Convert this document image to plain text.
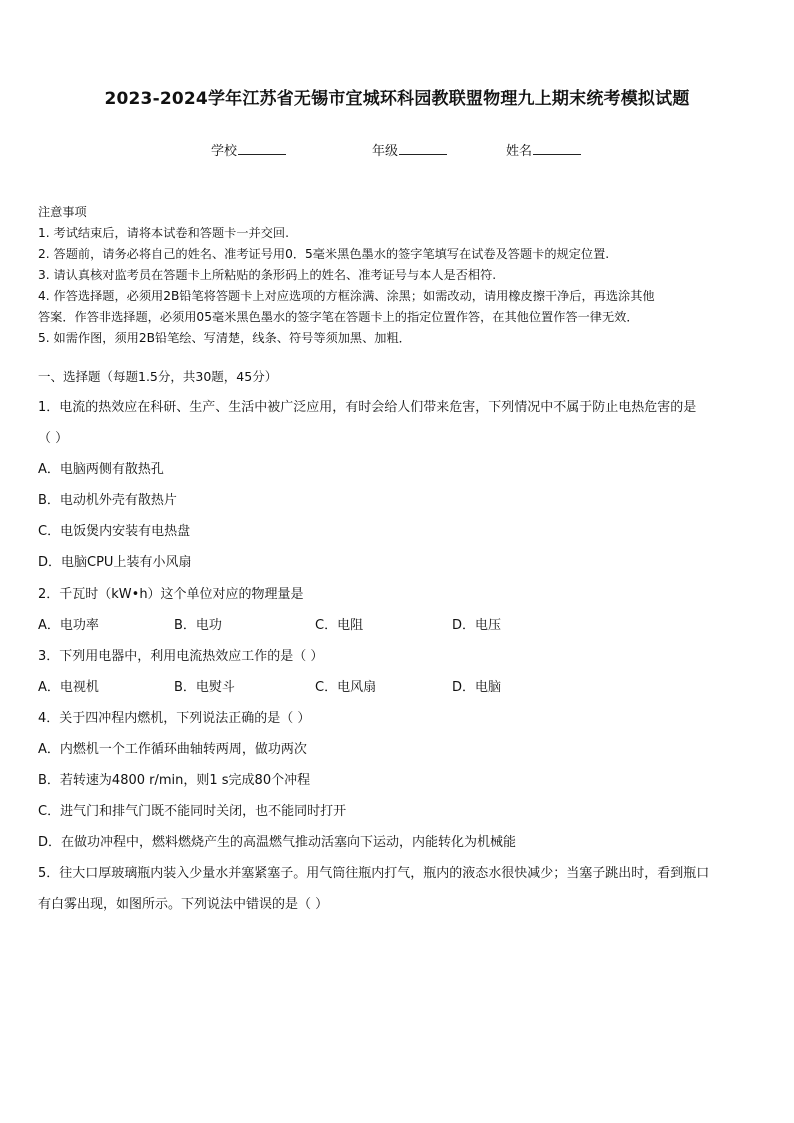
2023-2024学年江苏省无锡市宜城环科园教联盟物理九上期末统考模拟试题
学校	年级	姓名
注意事项
1. 考试结束后，请将本试卷和答题卡一并交回.
2. 答题前，请务必将自己的姓名、准考证号用0．5毫米黑色墨水的签字笔填写在试卷及答题卡的规定位置.
3. 请认真核对监考员在答题卡上所粘贴的条形码上的姓名、准考证号与本人是否相符.
4. 作答选择题，必须用2B铅笔将答题卡上对应选项的方框涂满、涂黑；如需改动，请用橡皮擦干净后，再选涂其他
答案．作答非选择题，必须用05毫米黑色墨水的签字笔在答题卡上的指定位置作答，在其他位置作答一律无效．
5. 如需作图，须用2B铅笔绘、写清楚，线条、符号等须加黑、加粗．
一、选择题（每题1.5分，共30题，45分）
1．电流的热效应在科研、生产、生活中被广泛应用，有时会给人们带来危害，下列情况中不属于防止电热危害的是
（ ）
A．电脑两侧有散热孔
B．电动机外壳有散热片
C．电饭煲内安装有电热盘
D．电脑CPU上装有小风扇
2．千瓦时（kW•h）这个单位对应的物理量是
A．电功率	B．电功	C．电阻	D．电压
3．下列用电器中，利用电流热效应工作的是（ ）
A．电视机	B．电熨斗	C．电风扇	D．电脑
4．关于四冲程内燃机，下列说法正确的是（ ）
A．内燃机一个工作循环曲轴转两周，做功两次
B．若转速为4800 r/min，则1 s完成80个冲程
C．进气门和排气门既不能同时关闭，也不能同时打开
D．在做功冲程中，燃料燃烧产生的高温燃气推动活塞向下运动，内能转化为机械能
5．往大口厚玻璃瓶内装入少量水并塞紧塞子。用气筒往瓶内打气，瓶内的液态水很快减少；当塞子跳出时，看到瓶口
有白雾出现，如图所示。下列说法中错误的是（ ）
